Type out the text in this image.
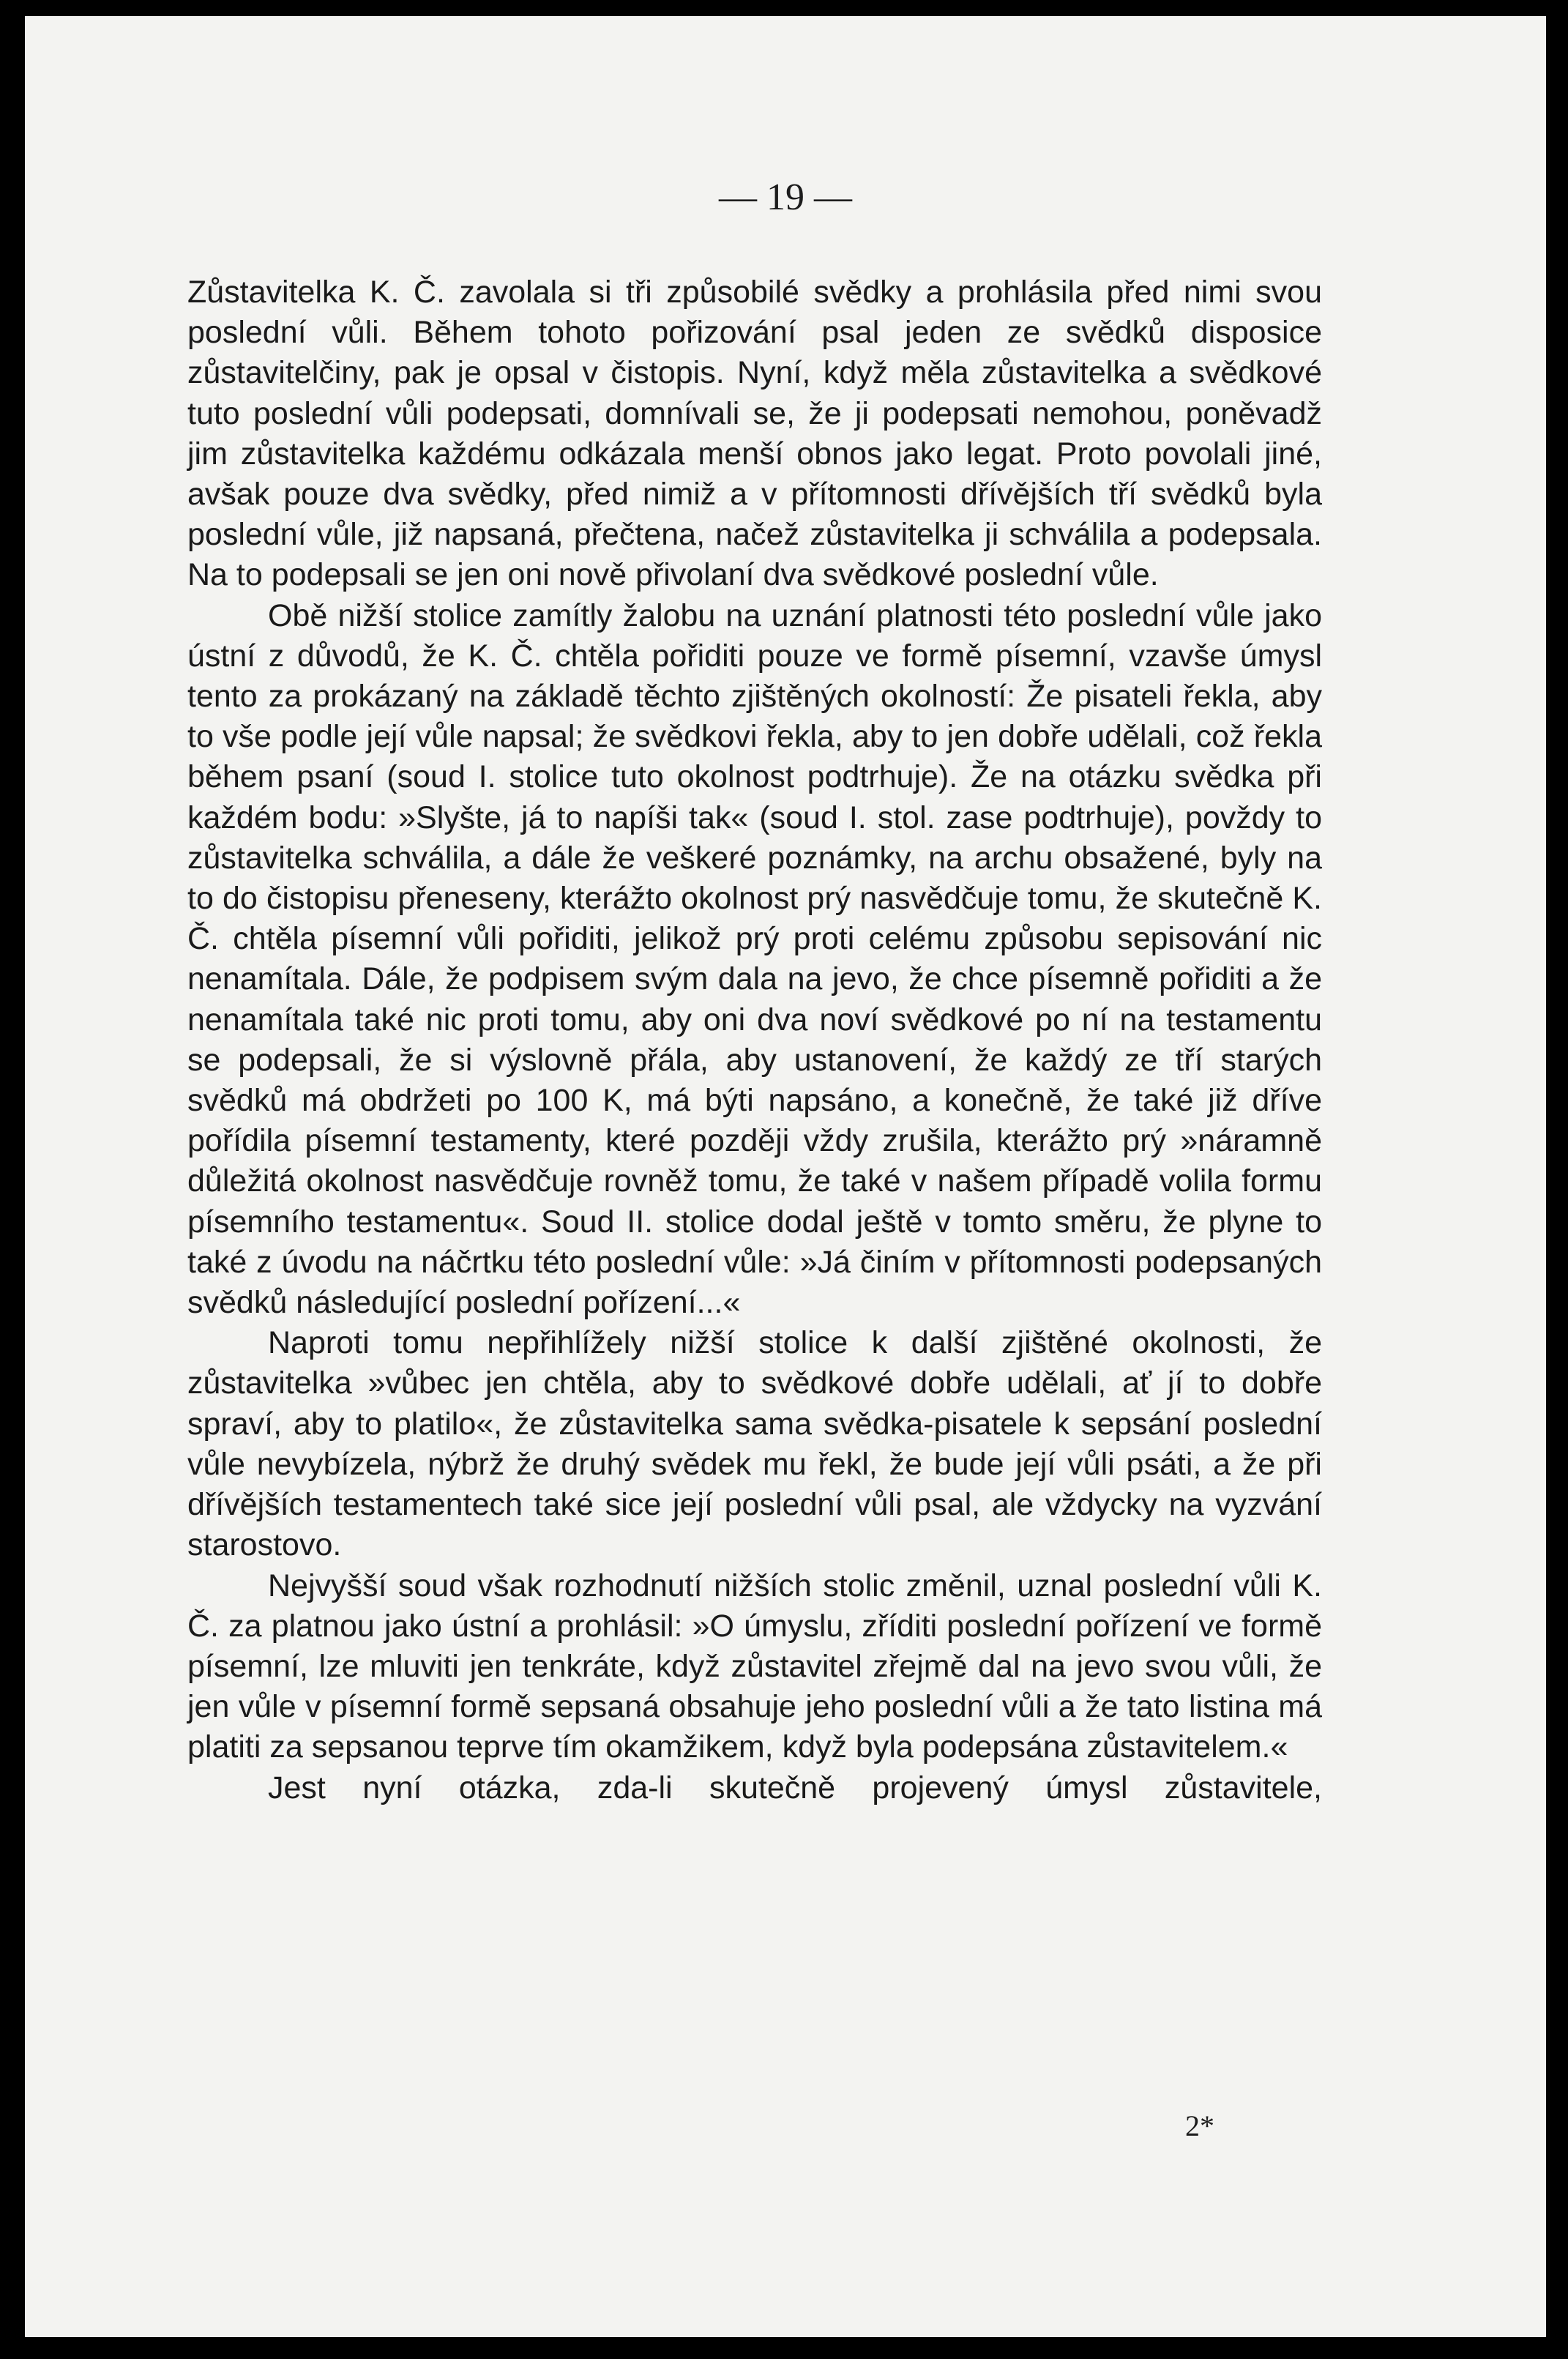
— 19 —

Zůstavitelka K. Č. zavolala si tři způsobilé svědky a prohlásila před nimi svou poslední vůli. Během tohoto pořizování psal jeden ze svědků disposice zůstavitelčiny, pak je opsal v čistopis. Nyní, když měla zůstavitelka a svědkové tuto poslední vůli podepsati, domnívali se, že ji podepsati nemohou, poněvadž jim zůstavitelka každému odkázala menší obnos jako legat. Proto povolali jiné, avšak pouze dva svědky, před nimiž a v přítomnosti dřívějších tří svědků byla poslední vůle, již napsaná, přečtena, načež zůstavitelka ji schválila a podepsala. Na to podepsali se jen oni nově přivolaní dva svědkové poslední vůle.

Obě nižší stolice zamítly žalobu na uznání platnosti této poslední vůle jako ústní z důvodů, že K. Č. chtěla pořiditi pouze ve formě písemní, vzavše úmysl tento za prokázaný na základě těchto zjištěných okolností: Že pisateli řekla, aby to vše podle její vůle napsal; že svědkovi řekla, aby to jen dobře udělali, což řekla během psaní (soud I. stolice tuto okolnost podtrhuje). Že na otázku svědka při každém bodu: »Slyšte, já to napíši tak« (soud I. stol. zase podtrhuje), povždy to zůstavitelka schválila, a dále že veškeré poznámky, na archu obsažené, byly na to do čistopisu přeneseny, kterážto okolnost prý nasvědčuje tomu, že skutečně K. Č. chtěla písemní vůli pořiditi, jelikož prý proti celému způsobu sepisování nic nenamítala. Dále, že podpisem svým dala na jevo, že chce písemně pořiditi a že nenamítala také nic proti tomu, aby oni dva noví svědkové po ní na testamentu se podepsali, že si výslovně přála, aby ustanovení, že každý ze tří starých svědků má obdržeti po 100 K, má býti napsáno, a konečně, že také již dříve pořídila písemní testamenty, které později vždy zrušila, kterážto prý »náramně důležitá okolnost nasvědčuje rovněž tomu, že také v našem případě volila formu písemního testamentu«. Soud II. stolice dodal ještě v tomto směru, že plyne to také z úvodu na náčrtku této poslední vůle: »Já činím v přítomnosti podepsaných svědků následující poslední pořízení...«

Naproti tomu nepřihlížely nižší stolice k další zjištěné okolnosti, že zůstavitelka »vůbec jen chtěla, aby to svědkové dobře udělali, ať jí to dobře spraví, aby to platilo«, že zůstavitelka sama svědka-pisatele k sepsání poslední vůle nevybízela, nýbrž že druhý svědek mu řekl, že bude její vůli psáti, a že při dřívějších testamentech také sice její poslední vůli psal, ale vždycky na vyzvání starostovo.

Nejvyšší soud však rozhodnutí nižších stolic změnil, uznal poslední vůli K. Č. za platnou jako ústní a prohlásil: »O úmyslu, zříditi poslední pořízení ve formě písemní, lze mluviti jen tenkráte, když zůstavitel zřejmě dal na jevo svou vůli, že jen vůle v písemní formě sepsaná obsahuje jeho poslední vůli a že tato listina má platiti za sepsanou teprve tím okamžikem, když byla podepsána zůstavitelem.«

Jest nyní otázka, zda-li skutečně projevený úmysl zůstavitele,

2*
